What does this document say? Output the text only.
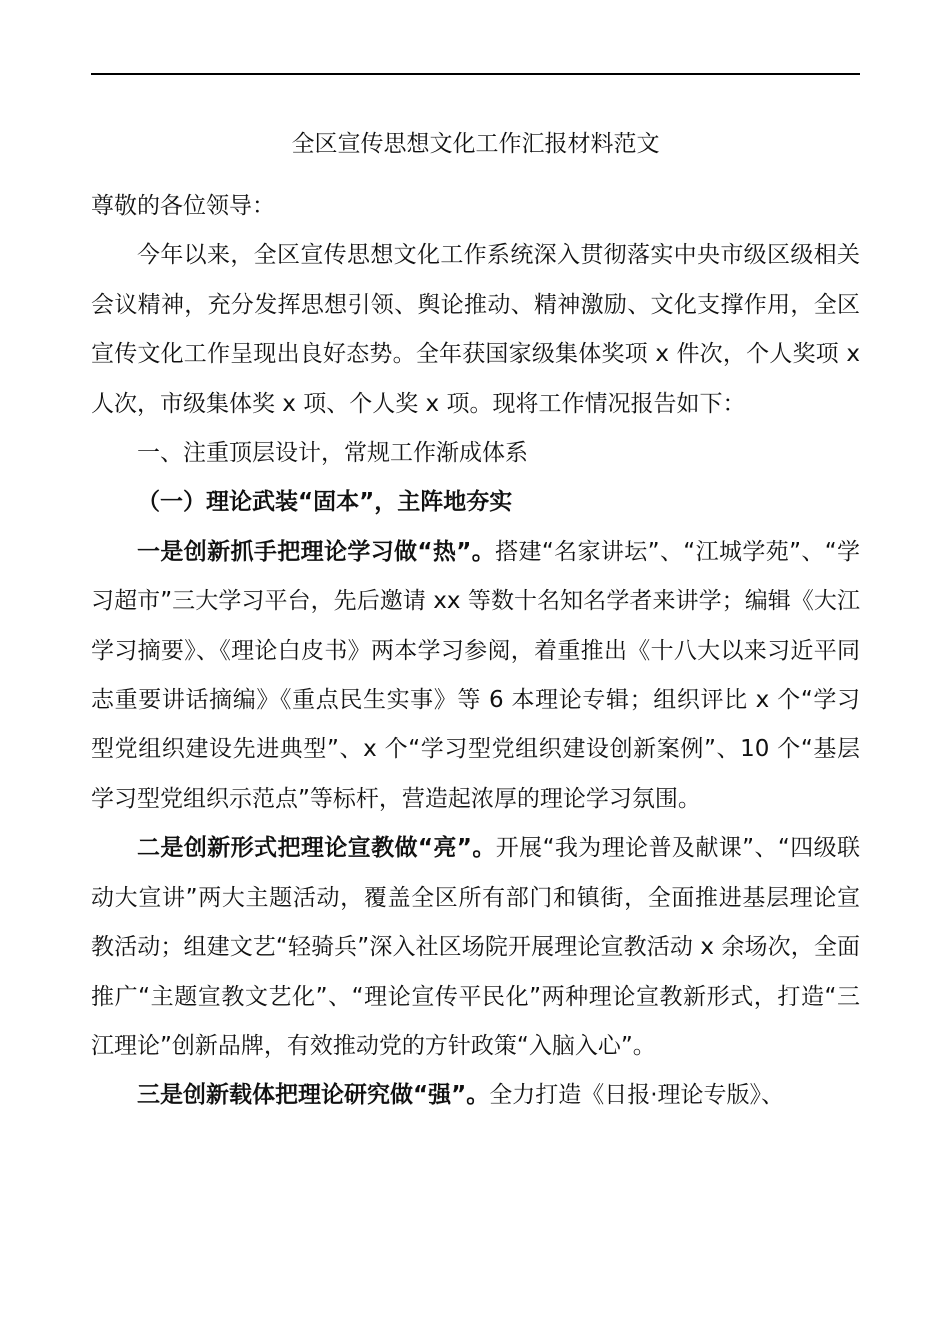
全区宣传思想文化工作汇报材料范文

尊敬的各位领导：

今年以来，全区宣传思想文化工作系统深入贯彻落实中央市级区级相关会议精神，充分发挥思想引领、舆论推动、精神激励、文化支撑作用，全区宣传文化工作呈现出良好态势。全年获国家级集体奖项 x 件次，个人奖项 x 人次，市级集体奖 x 项、个人奖 x 项。现将工作情况报告如下：

一、注重顶层设计，常规工作渐成体系

（一）理论武装“固本”，主阵地夯实

一是创新抓手把理论学习做“热”。搭建“名家讲坛”、“江城学苑”、“学习超市”三大学习平台，先后邀请 xx 等数十名知名学者来讲学；编辑《大江学习摘要》、《理论白皮书》两本学习参阅，着重推出《十八大以来习近平同志重要讲话摘编》《重点民生实事》等 6 本理论专辑；组织评比 x 个“学习型党组织建设先进典型”、x 个“学习型党组织建设创新案例”、10 个“基层学习型党组织示范点”等标杆，营造起浓厚的理论学习氛围。

二是创新形式把理论宣教做“亮”。开展“我为理论普及献课”、“四级联动大宣讲”两大主题活动，覆盖全区所有部门和镇街，全面推进基层理论宣教活动；组建文艺“轻骑兵”深入社区场院开展理论宣教活动 x 余场次，全面推广“主题宣教文艺化”、“理论宣传平民化”两种理论宣教新形式，打造“三江理论”创新品牌，有效推动党的方针政策“入脑入心”。

三是创新载体把理论研究做“强”。全力打造《日报·理论专版》、
